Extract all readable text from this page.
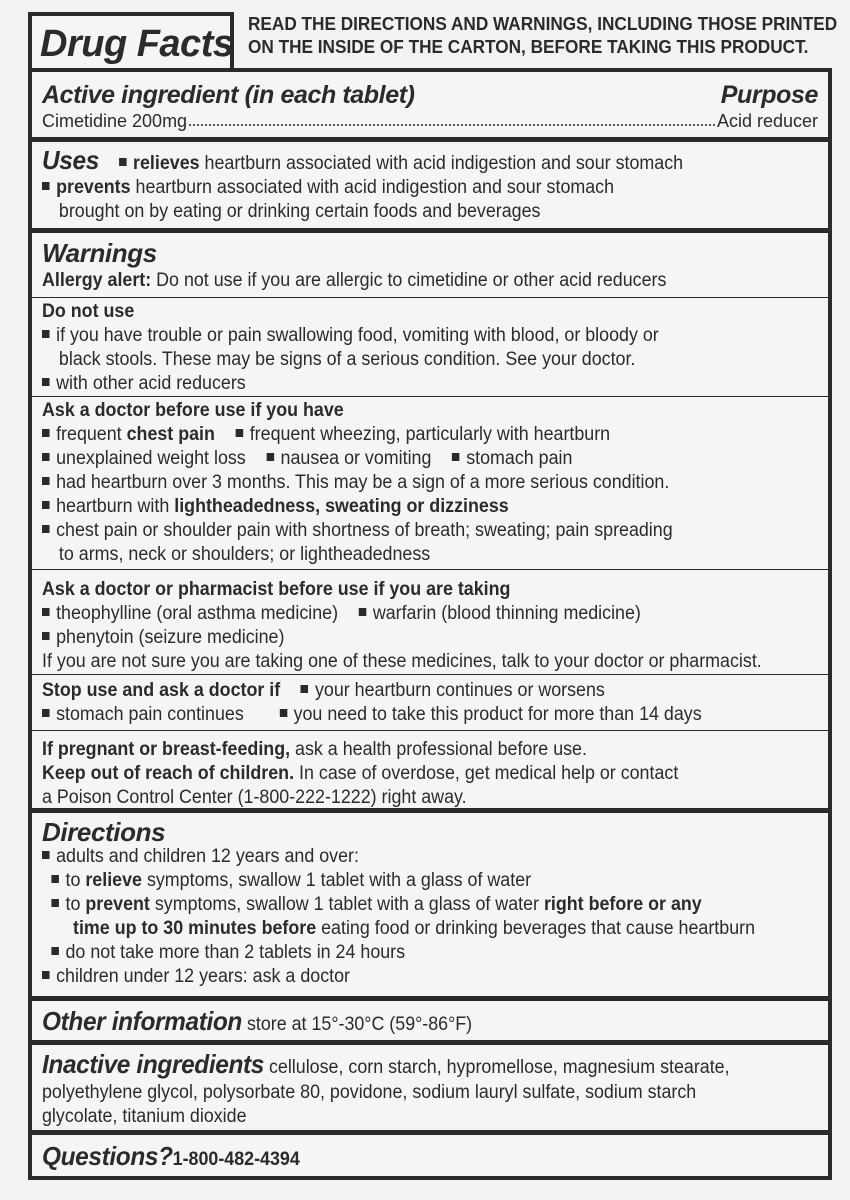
Drug Facts READ THE DIRECTIONS AND WARNINGS, INCLUDING THOSE PRINTED
ON THE INSIDE OF THE CARTON, BEFORE TAKING THIS PRODUCT.
Active ingredient (in each tablet)	Purpose
Cimetidine 200mg	Acid reducer
Uses relieves heartburn associated with acid indigestion and sour stomach
prevents heartburn associated with acid indigestion and sour stomach
brought on by eating or drinking certain foods and beverages
Warnings
Allergy alert: Do not use if you are allergic to cimetidine or other acid reducers
Do not use
if you have trouble or pain swallowing food, vomiting with blood, or bloody or
black stools. These may be signs of a serious condition. See your doctor.
with other acid reducers
Ask a doctor before use if you have
frequent chest pain frequent wheezing, particularly with heartburn
unexplained weight loss nausea or vomiting stomach pain
had heartburn over 3 months. This may be a sign of a more serious condition.
heartburn with lightheadedness, sweating or dizziness
chest pain or shoulder pain with shortness of breath; sweating; pain spreading
to arms, neck or shoulders; or lightheadedness
Ask a doctor or pharmacist before use if you are taking
theophylline (oral asthma medicine) warfarin (blood thinning medicine)
phenytoin (seizure medicine)
If you are not sure you are taking one of these medicines, talk to your doctor or pharmacist.
Stop use and ask a doctor if your heartburn continues or worsens
stomach pain continues	you need to take this product for more than 14 days
If pregnant or breast-feeding, ask a health professional before use.
Keep out of reach of children. In case of overdose, get medical help or contact
a Poison Control Center (1-800-222-1222) right away.
Directions
adults and children 12 years and over:
to relieve symptoms, swallow 1 tablet with a glass of water
to prevent symptoms, swallow 1 tablet with a glass of water right before or any
time up to 30 minutes before eating food or drinking beverages that cause heartburn
do not take more than 2 tablets in 24 hours
children under 12 years: ask a doctor
Other information store at 15°-30°C (59°-86°F)
Inactive ingredients cellulose, corn starch, hypromellose, magnesium stearate,
polyethylene glycol, polysorbate 80, povidone, sodium lauryl sulfate, sodium starch
glycolate, titanium dioxide
Questions?1-800-482-4394
